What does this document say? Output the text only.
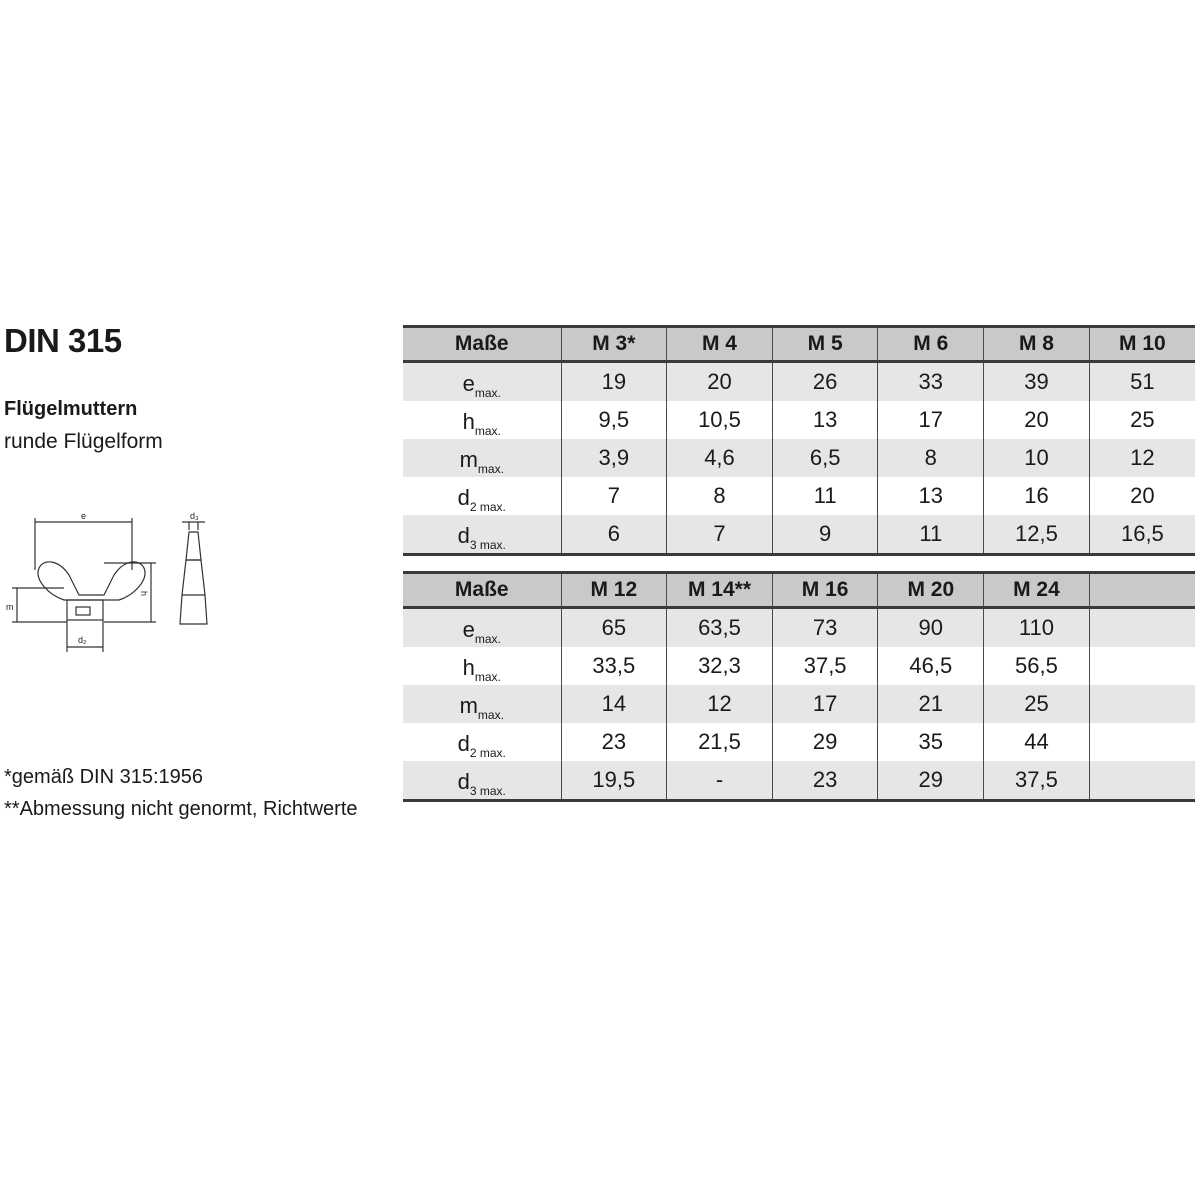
DIN 315
Flügelmuttern
runde Flügelform
e
h
m
d₂
d₃
*gemäß DIN 315:1956
**Abmessung nicht genormt, Richtwerte
Maße	M 3*	M 4	M 5	M 6	M 8	M 10
$e_{max.}$	19	20	26	33	39	51
$h_{max.}$	9,5	10,5	13	17	20	25
$m_{max.}$	3,9	4,6	6,5	8	10	12
$d_{2 max.}$	7	8	11	13	16	20
$d_{3 max.}$	6	7	9	11	12,5	16,5
Maße	M 12	M 14**	M 16	M 20	M 24	
$e_{max.}$	65	63,5	73	90	110	
$h_{max.}$	33,5	32,3	37,5	46,5	56,5	
$m_{max.}$	14	12	17	21	25	
$d_{2 max.}$	23	21,5	29	35	44	
$d_{3 max.}$	19,5	-	23	29	37,5	
